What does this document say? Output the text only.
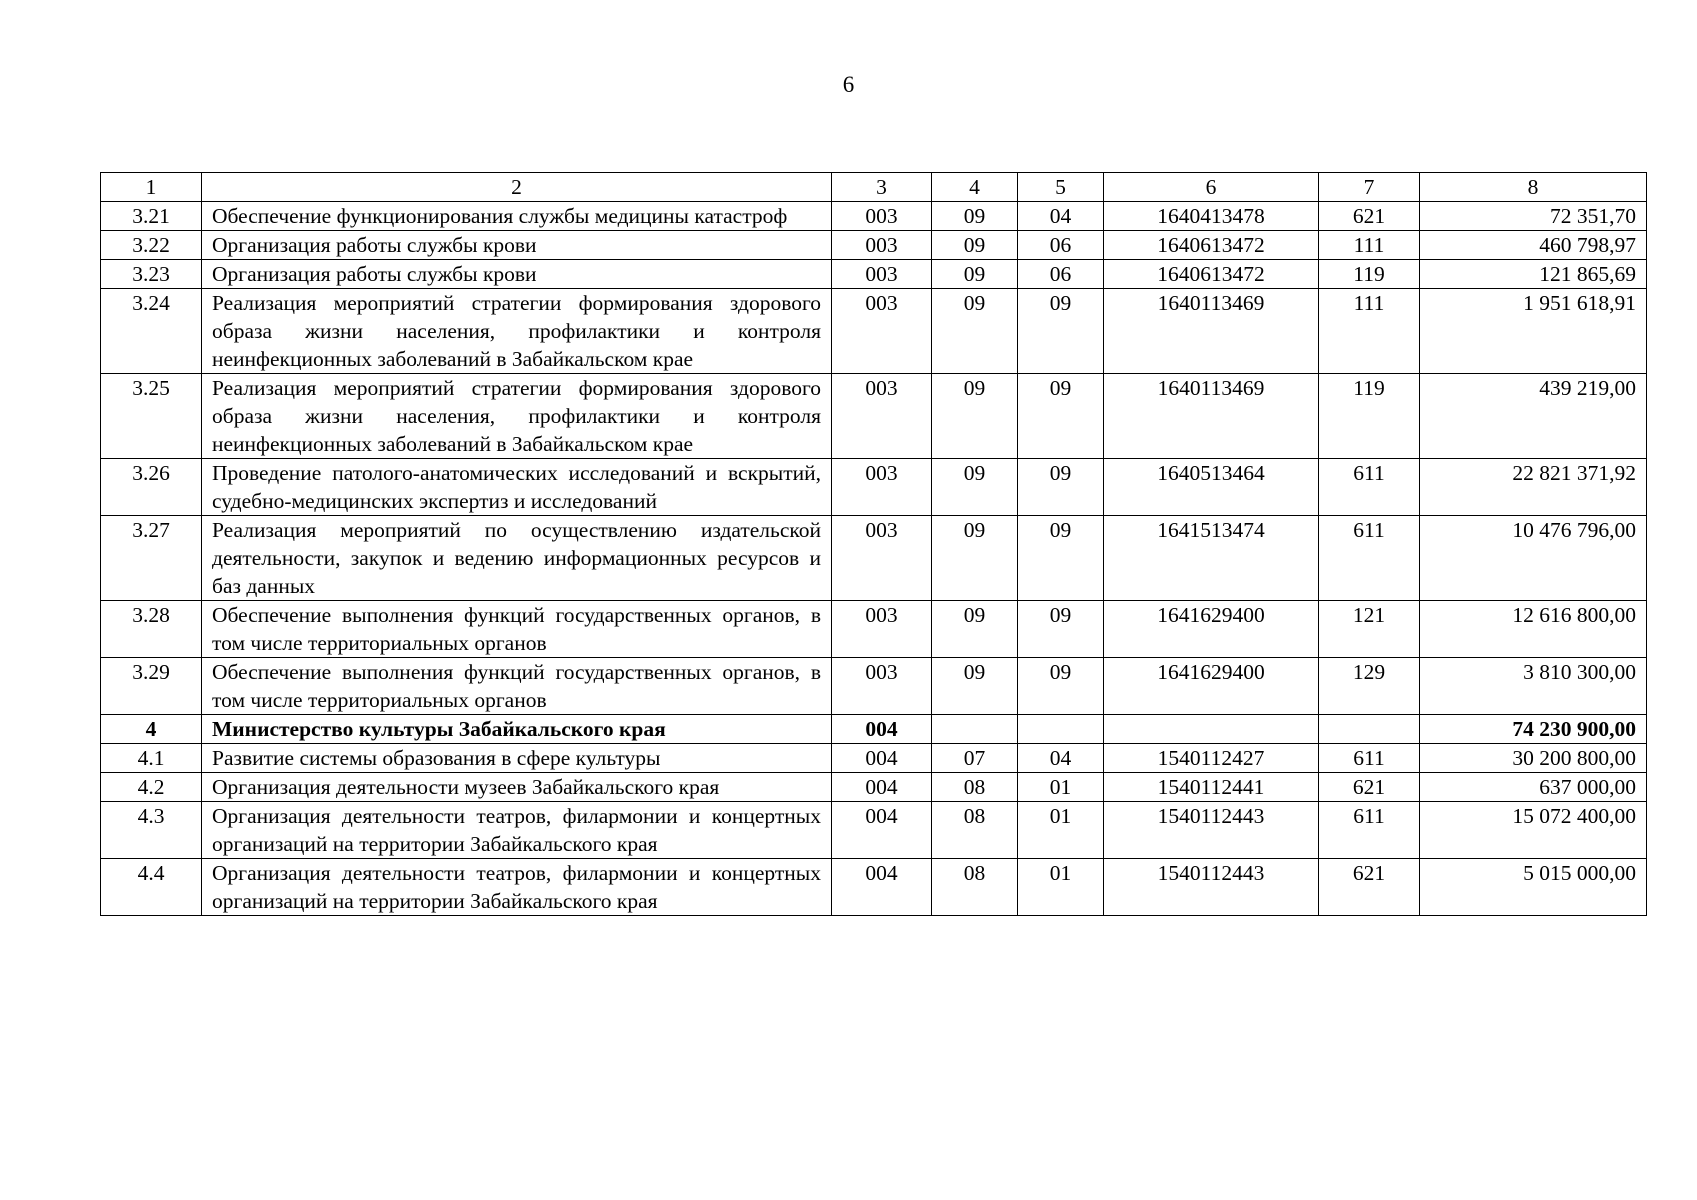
6
1	2	3	4	5	6	7	8
3.21	Обеспечение функционирования службы медицины катастроф	003	09	04	1640413478	621	72 351,70
3.22	Организация работы службы крови	003	09	06	1640613472	111	460 798,97
3.23	Организация работы службы крови	003	09	06	1640613472	119	121 865,69
3.24	Реализация мероприятий стратегии формирования здорового образа жизни населения, профилактики и контроля неинфекционных заболеваний в Забайкальском крае	003	09	09	1640113469	111	1 951 618,91
3.25	Реализация мероприятий стратегии формирования здорового образа жизни населения, профилактики и контроля неинфекционных заболеваний в Забайкальском крае	003	09	09	1640113469	119	439 219,00
3.26	Проведение патолого-анатомических исследований и вскрытий, судебно-медицинских экспертиз и исследований	003	09	09	1640513464	611	22 821 371,92
3.27	Реализация мероприятий по осуществлению издательской деятельности, закупок и ведению информационных ресурсов и баз данных	003	09	09	1641513474	611	10 476 796,00
3.28	Обеспечение выполнения функций государственных органов, в том числе территориальных органов	003	09	09	1641629400	121	12 616 800,00
3.29	Обеспечение выполнения функций государственных органов, в том числе территориальных органов	003	09	09	1641629400	129	3 810 300,00
4	Министерство культуры Забайкальского края	004					74 230 900,00
4.1	Развитие системы образования в сфере культуры	004	07	04	1540112427	611	30 200 800,00
4.2	Организация деятельности музеев Забайкальского края	004	08	01	1540112441	621	637 000,00
4.3	Организация деятельности театров, филармонии и концертных организаций на территории Забайкальского края	004	08	01	1540112443	611	15 072 400,00
4.4	Организация деятельности театров, филармонии и концертных организаций на территории Забайкальского края	004	08	01	1540112443	621	5 015 000,00
